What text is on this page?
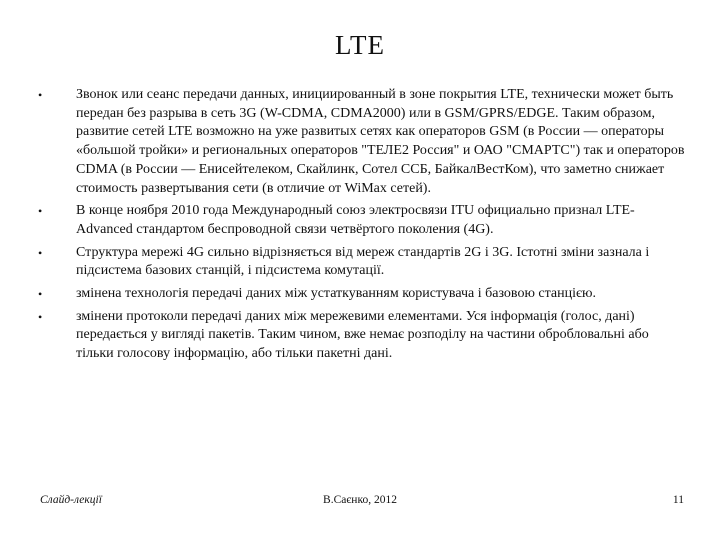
LTE
• Звонок или сеанс передачи данных, инициированный в зоне покрытия LTE, технически может быть передан без разрыва в сеть 3G (W-CDMA, CDMA2000) или в GSM/GPRS/EDGE. Таким образом, развитие сетей LTE возможно на уже развитых сетях как операторов GSM (в России — операторы «большой тройки» и региональных операторов "ТЕЛЕ2 Россия" и ОАО "СМАРТС") так и операторов CDMA (в России — Енисейтелеком, Скайлинк, Сотел ССБ, БайкалВестКом), что заметно снижает стоимость развертывания сети (в отличие от WiMax сетей).
• В конце ноября 2010 года Международный союз электросвязи ITU официально признал LTE-Advanced стандартом беспроводной связи четвёртого поколения (4G).
• Структура мережі 4G сильно відрізняється від мереж стандартів 2G і 3G. Істотні зміни зазнала і підсистема базових станцій, і підсистема комутації.
• змінена технологія передачі даних між устаткуванням користувача і базовою станцією.
• змінени протоколи передачі даних між мережевими елементами. Уся інформація (голос, дані) передається у вигляді пакетів. Таким чином, вже немає розподілу на частини обробловальні або тільки голосову інформацію, або тільки пакетні дані.
Слайд-лекції	В.Саєнко, 2012	11
